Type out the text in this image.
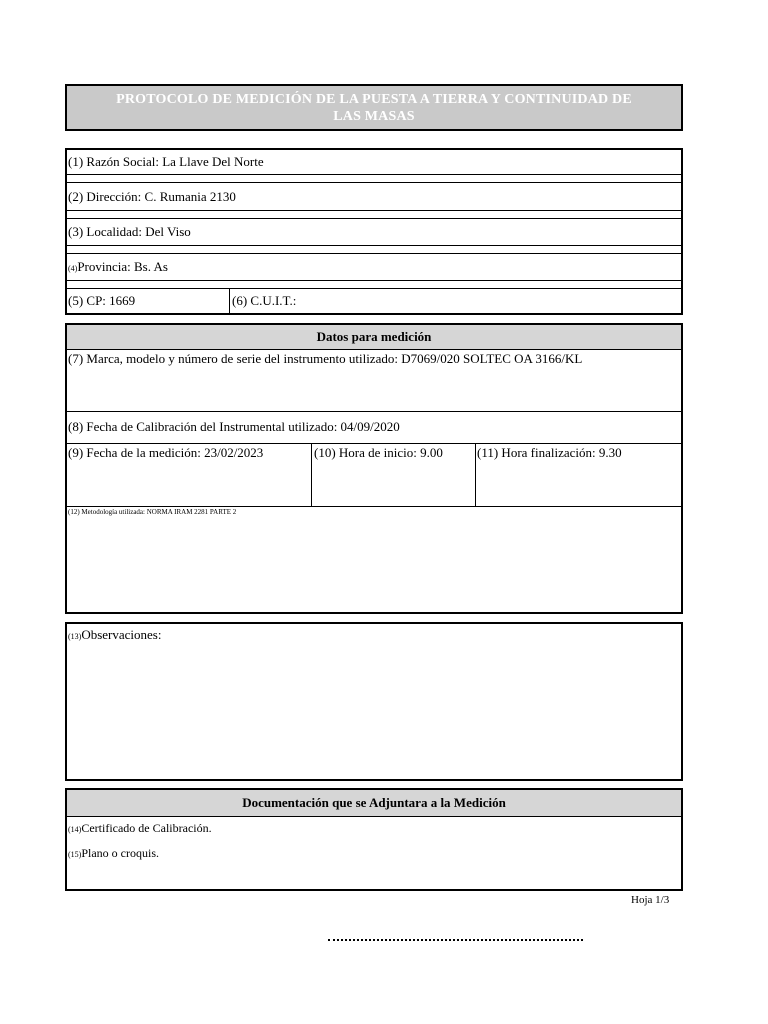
PROTOCOLO DE MEDICIÓN DE LA PUESTA A TIERRA Y CONTINUIDAD DE
LAS MASAS
(1) Razón Social: La Llave Del Norte
(2) Dirección: C. Rumania 2130
(3) Localidad: Del Viso
(4)Provincia: Bs. As
(5) CP: 1669	(6) C.U.I.T.:
Datos para medición
(7) Marca, modelo y número de serie del instrumento utilizado: D7069/020 SOLTEC OA 3166/KL
(8) Fecha de Calibración del Instrumental utilizado: 04/09/2020
(9) Fecha de la medición: 23/02/2023	(10) Hora de inicio: 9.00	(11) Hora finalización: 9.30
(12) Metodología utilizada: NORMA IRAM 2281 PARTE 2
(13)Observaciones:
Documentación que se Adjuntara a la Medición
(14)Certificado de Calibración.
(15)Plano o croquis.
Hoja 1/3
